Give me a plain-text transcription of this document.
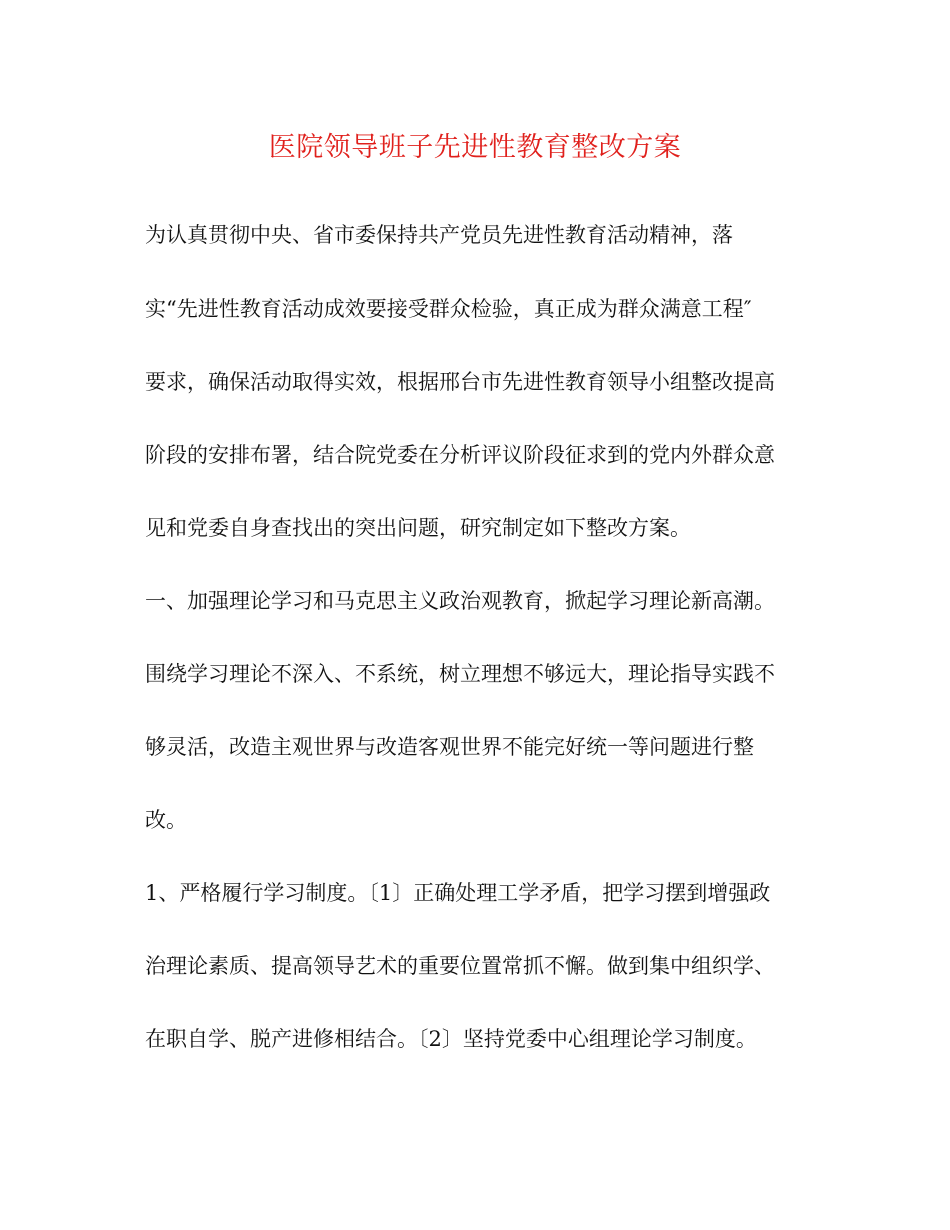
医院领导班子先进性教育整改方案

为认真贯彻中央、省市委保持共产党员先进性教育活动精神，落

实“先进性教育活动成效要接受群众检验，真正成为群众满意工程″

要求，确保活动取得实效，根据邢台市先进性教育领导小组整改提高

阶段的安排布署，结合院党委在分析评议阶段征求到的党内外群众意

见和党委自身查找出的突出问题，研究制定如下整改方案。

一、加强理论学习和马克思主义政治观教育，掀起学习理论新高潮。

围绕学习理论不深入、不系统，树立理想不够远大，理论指导实践不

够灵活，改造主观世界与改造客观世界不能完好统一等问题进行整

改。

1、严格履行学习制度。〔1〕正确处理工学矛盾，把学习摆到增强政

治理论素质、提高领导艺术的重要位置常抓不懈。做到集中组织学、

在职自学、脱产进修相结合。〔2〕坚持党委中心组理论学习制度。
